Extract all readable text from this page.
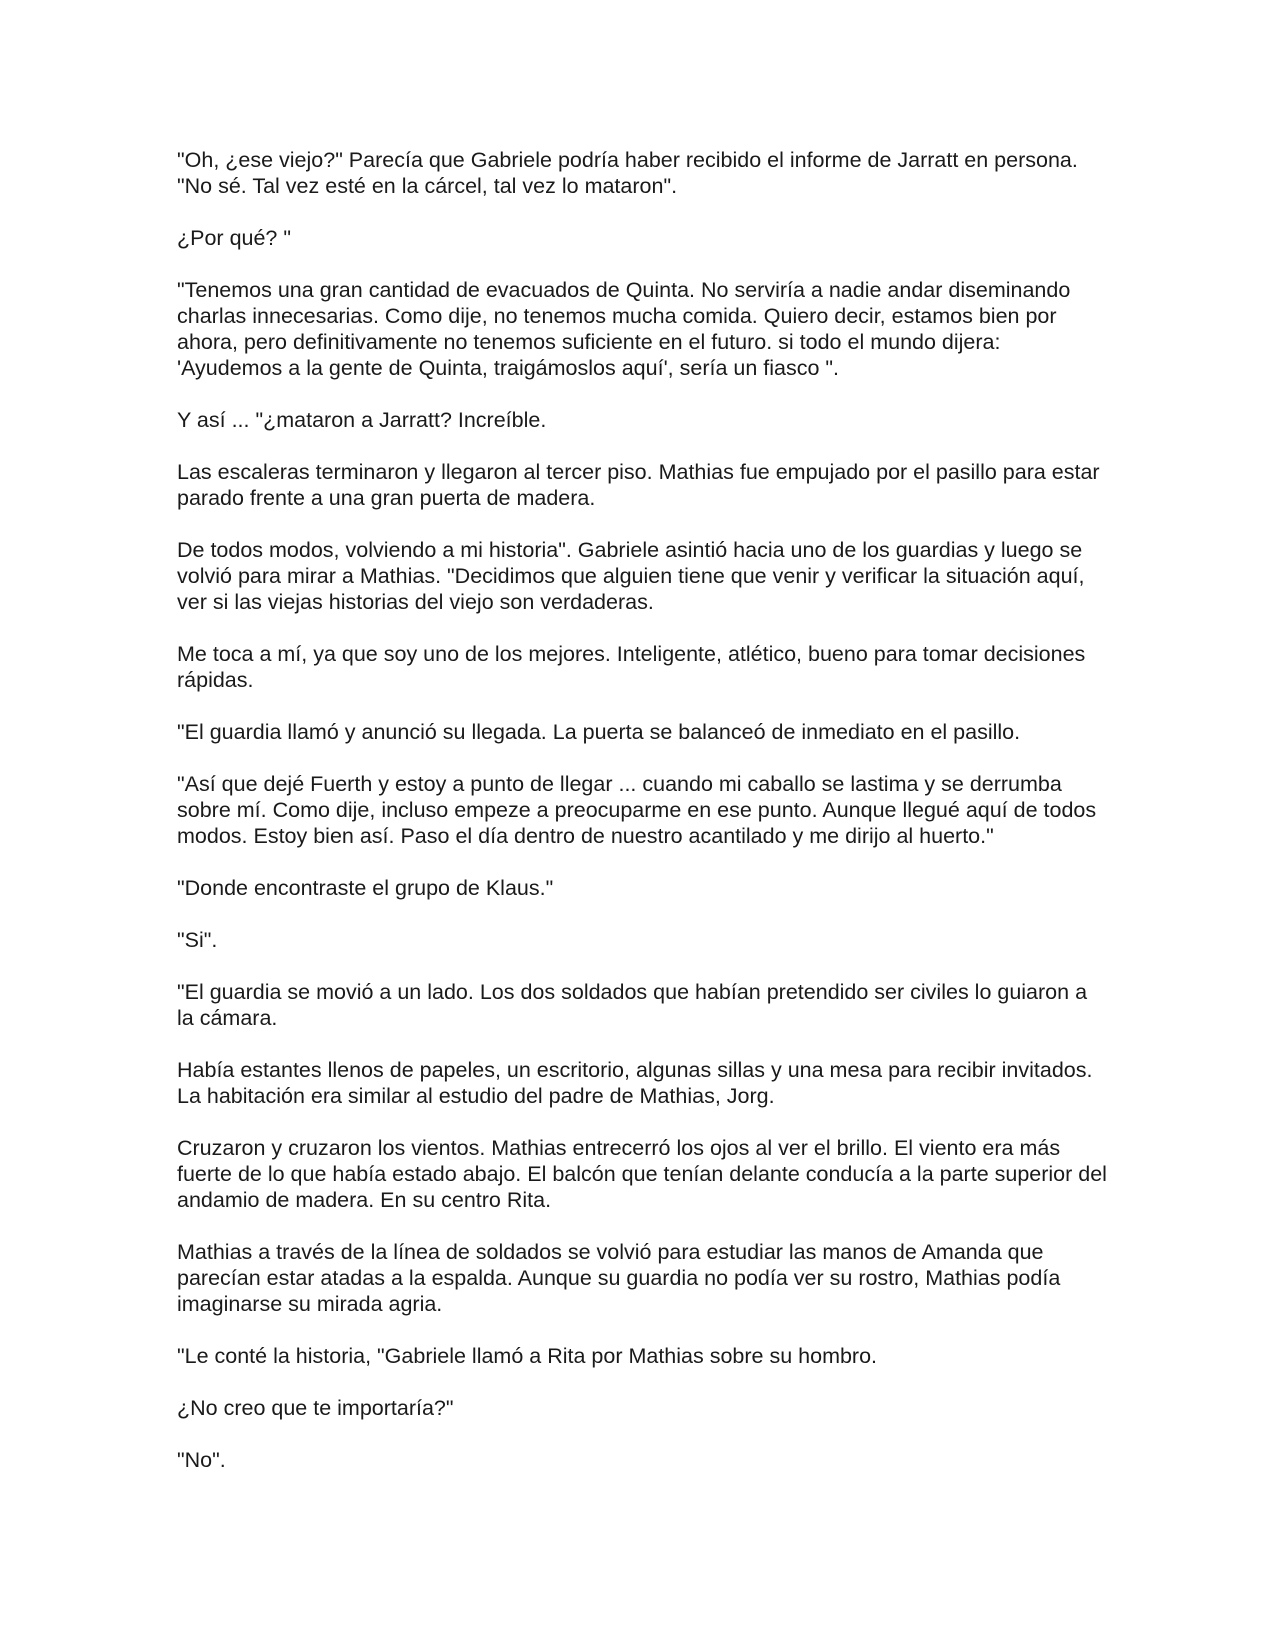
"Oh, ¿ese viejo?" Parecía que Gabriele podría haber recibido el informe de Jarratt en persona. "No sé. Tal vez esté en la cárcel, tal vez lo mataron".

¿Por qué? "

"Tenemos una gran cantidad de evacuados de Quinta. No serviría a nadie andar diseminando charlas innecesarias. Como dije, no tenemos mucha comida. Quiero decir, estamos bien por ahora, pero definitivamente no tenemos suficiente en el futuro. si todo el mundo dijera: 'Ayudemos a la gente de Quinta, traigámoslos aquí', sería un fiasco ".

Y así ... "¿mataron a Jarratt? Increíble.

Las escaleras terminaron y llegaron al tercer piso. Mathias fue empujado por el pasillo para estar parado frente a una gran puerta de madera.

De todos modos, volviendo a mi historia". Gabriele asintió hacia uno de los guardias y luego se volvió para mirar a Mathias. "Decidimos que alguien tiene que venir y verificar la situación aquí, ver si las viejas historias del viejo son verdaderas.

Me toca a mí, ya que soy uno de los mejores. Inteligente, atlético, bueno para tomar decisiones rápidas.

"El guardia llamó y anunció su llegada. La puerta se balanceó de inmediato en el pasillo.

"Así que dejé Fuerth y estoy a punto de llegar ... cuando mi caballo se lastima y se derrumba sobre mí. Como dije, incluso empeze a preocuparme en ese punto. Aunque llegué aquí de todos modos. Estoy bien así. Paso el día dentro de nuestro acantilado y me dirijo al huerto."

"Donde encontraste el grupo de Klaus."

"Si".

"El guardia se movió a un lado. Los dos soldados que habían pretendido ser civiles lo guiaron a la cámara.

Había estantes llenos de papeles, un escritorio, algunas sillas y una mesa para recibir invitados. La habitación era similar al estudio del padre de Mathias, Jorg.

Cruzaron y cruzaron los vientos. Mathias entrecerró los ojos al ver el brillo. El viento era más fuerte de lo que había estado abajo. El balcón que tenían delante conducía a la parte superior del andamio de madera. En su centro Rita.

Mathias a través de la línea de soldados se volvió para estudiar las manos de Amanda que parecían estar atadas a la espalda. Aunque su guardia no podía ver su rostro, Mathias podía imaginarse su mirada agria.

"Le conté la historia, "Gabriele llamó a Rita por Mathias sobre su hombro.

¿No creo que te importaría?"

"No".
